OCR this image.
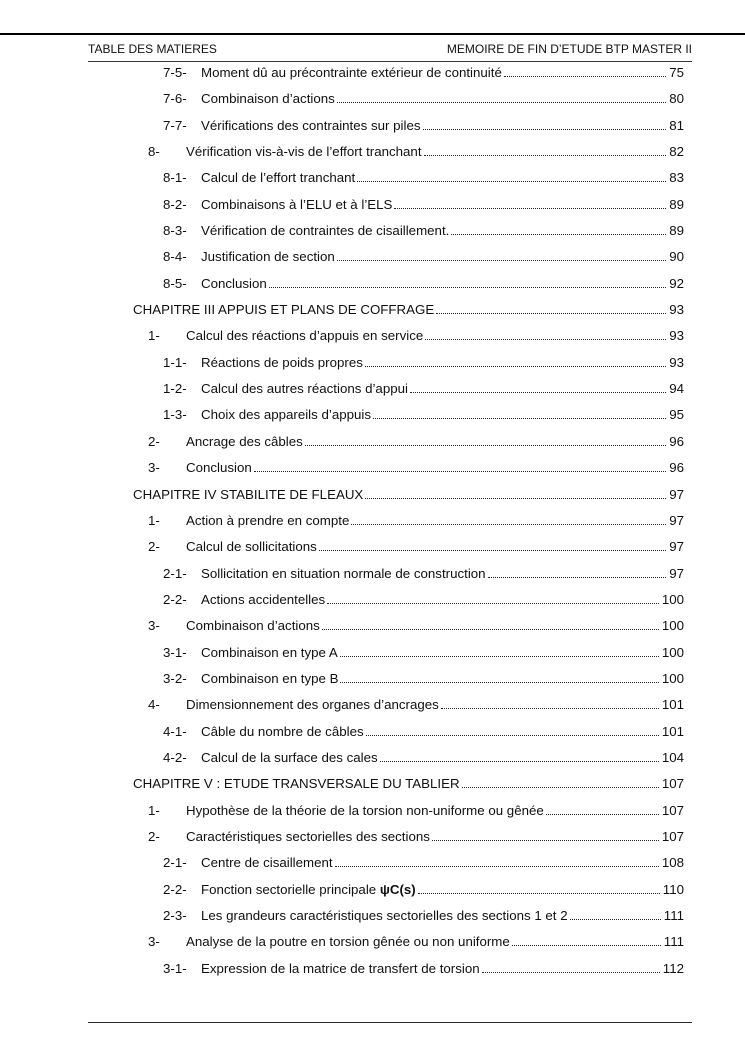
TABLE DES MATIERES	MEMOIRE DE FIN D’ETUDE BTP MASTER II
7-5-	Moment dû au précontrainte extérieur de continuité	75
7-6-	Combinaison d’actions	80
7-7-	Vérifications des contraintes sur piles	81
8-	Vérification vis-à-vis de l’effort tranchant	82
8-1-	Calcul de l’effort tranchant	83
8-2-	Combinaisons à l’ELU et à l’ELS	89
8-3-	Vérification de contraintes de cisaillement.	89
8-4-	Justification de section	90
8-5-	Conclusion	92
CHAPITRE III APPUIS ET PLANS DE COFFRAGE	93
1-	Calcul des réactions d’appuis en service	93
1-1-	Réactions de poids propres	93
1-2-	Calcul des autres réactions d’appui	94
1-3-	Choix des appareils d’appuis	95
2-	Ancrage des câbles	96
3-	Conclusion	96
CHAPITRE IV STABILITE DE FLEAUX	97
1-	Action à prendre en compte	97
2-	Calcul de sollicitations	97
2-1-	Sollicitation en situation normale de construction	97
2-2-	Actions accidentelles	100
3-	Combinaison d’actions	100
3-1-	Combinaison en type A	100
3-2-	Combinaison en type B	100
4-	Dimensionnement des organes d’ancrages	101
4-1-	Câble du nombre de câbles	101
4-2-	Calcul de la surface des cales	104
CHAPITRE V : ETUDE TRANSVERSALE DU TABLIER	107
1-	Hypothèse de la théorie de la torsion non-uniforme ou gênée	107
2-	Caractéristiques sectorielles des sections	107
2-1-	Centre de cisaillement	108
2-2-	Fonction sectorielle principale ψC(s)	110
2-3-	Les grandeurs caractéristiques sectorielles des sections 1 et 2	111
3-	Analyse de la poutre en torsion gênée ou non uniforme	111
3-1-	Expression de la matrice de transfert de torsion	112
